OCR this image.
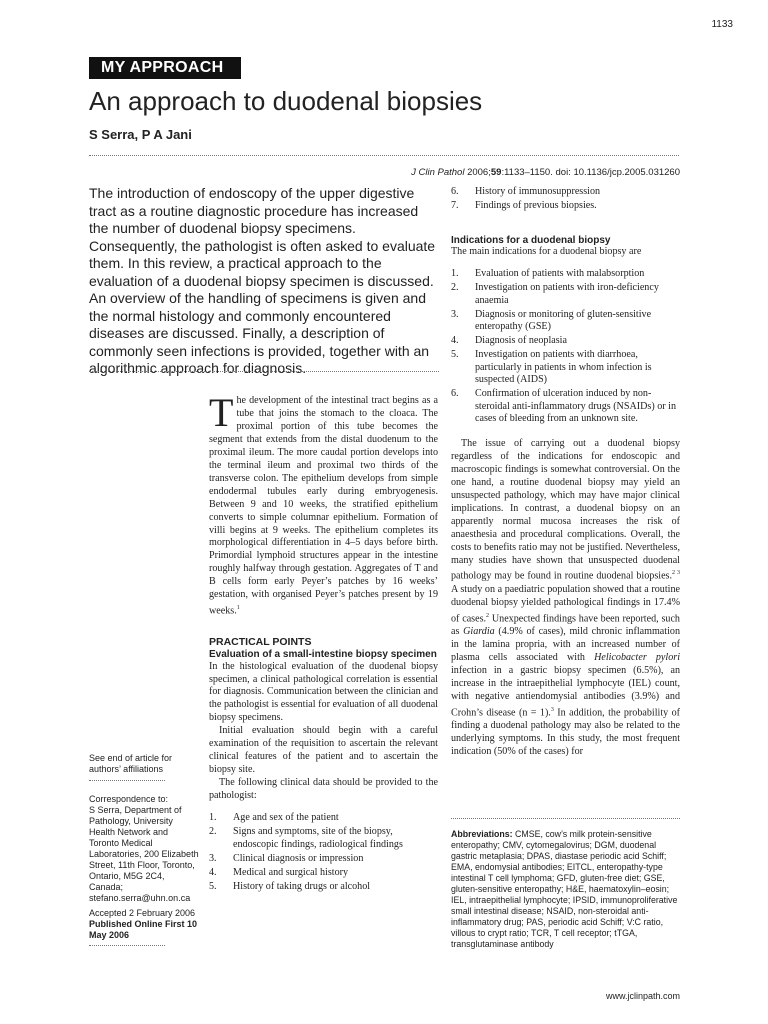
1133
MY APPROACH
An approach to duodenal biopsies
S Serra, P A Jani
J Clin Pathol 2006;59:1133–1150. doi: 10.1136/jcp.2005.031260
The introduction of endoscopy of the upper digestive tract as a routine diagnostic procedure has increased the number of duodenal biopsy specimens. Consequently, the pathologist is often asked to evaluate them. In this review, a practical approach to the evaluation of a duodenal biopsy specimen is discussed. An overview of the handling of specimens is given and the normal histology and commonly encountered diseases are discussed. Finally, a description of commonly seen infections is provided, together with an algorithmic approach for diagnosis.
See end of article for authors’ affiliations
Correspondence to:
S Serra, Department of Pathology, University Health Network and Toronto Medical Laboratories, 200 Elizabeth Street, 11th Floor, Toronto, Ontario, M5G 2C4, Canada; stefano.serra@uhn.on.ca
Accepted 2 February 2006
Published Online First 10 May 2006
The development of the intestinal tract begins as a tube that joins the stomach to the cloaca. The proximal portion of this tube becomes the segment that extends from the distal duodenum to the proximal ileum. The more caudal portion develops into the terminal ileum and proximal two thirds of the transverse colon. The epithelium develops from simple endodermal tubules early during embryogenesis. Between 9 and 10 weeks, the stratified epithelium converts to simple columnar epithelium. Formation of villi begins at 9 weeks. The epithelium completes its morphological differentiation in 4–5 days before birth. Primordial lymphoid structures appear in the intestine roughly halfway through gestation. Aggregates of T and B cells form early Peyer’s patches by 16 weeks’ gestation, with organised Peyer’s patches present by 19 weeks.$^1$
PRACTICAL POINTS
Evaluation of a small-intestine biopsy specimen
In the histological evaluation of the duodenal biopsy specimen, a clinical pathological correlation is essential for diagnosis. Communication between the clinician and the pathologist is essential for evaluation of all duodenal biopsy specimens.
Initial evaluation should begin with a careful examination of the requisition to ascertain the relevant clinical features of the patient and to ascertain the biopsy site.
The following clinical data should be provided to the pathologist:
1. Age and sex of the patient
2. Signs and symptoms, site of the biopsy, endoscopic findings, radiological findings
3. Clinical diagnosis or impression
4. Medical and surgical history
5. History of taking drugs or alcohol
6. History of immunosuppression
7. Findings of previous biopsies.
Indications for a duodenal biopsy
The main indications for a duodenal biopsy are
1. Evaluation of patients with malabsorption
2. Investigation on patients with iron-deficiency anaemia
3. Diagnosis or monitoring of gluten-sensitive enteropathy (GSE)
4. Diagnosis of neoplasia
5. Investigation on patients with diarrhoea, particularly in patients in whom infection is suspected (AIDS)
6. Confirmation of ulceration induced by non-steroidal anti-inflammatory drugs (NSAIDs) or in cases of bleeding from an unknown site.
The issue of carrying out a duodenal biopsy regardless of the indications for endoscopic and macroscopic findings is somewhat controversial. On the one hand, a routine duodenal biopsy may yield an unsuspected pathology, which may have major clinical implications. In contrast, a duodenal biopsy on an apparently normal mucosa increases the risk of anaesthesia and procedural complications. Overall, the costs to benefits ratio may not be justified. Nevertheless, many studies have shown that unsuspected duodenal pathology may be found in routine duodenal biopsies.$^{2 3}$ A study on a paediatric population showed that a routine duodenal biopsy yielded pathological findings in 17.4% of cases.$^2$ Unexpected findings have been reported, such as Giardia (4.9% of cases), mild chronic inflammation in the lamina propria, with an increased number of plasma cells associated with Helicobacter pylori infection in a gastric biopsy specimen (6.5%), an increase in the intraepithelial lymphocyte (IEL) count, with negative antiendomysial antibodies (3.9%) and Crohn’s disease (n = 1).$^3$ In addition, the probability of finding a duodenal pathology may also be related to the underlying symptoms. In this study, the most frequent indication (50% of the cases) for
Abbreviations: CMSE, cow’s milk protein-sensitive enteropathy; CMV, cytomegalovirus; DGM, duodenal gastric metaplasia; DPAS, diastase periodic acid Schiff; EMA, endomysial antibodies; EITCL, enteropathy-type intestinal T cell lymphoma; GFD, gluten-free diet; GSE, gluten-sensitive enteropathy; H&E, haematoxylin–eosin; IEL, intraepithelial lymphocyte; IPSID, immunoproliferative small intestinal disease; NSAID, non-steroidal anti-inflammatory drug; PAS, periodic acid Schiff; V:C ratio, villous to crypt ratio; TCR, T cell receptor; tTGA, transglutaminase antibody
www.jclinpath.com
